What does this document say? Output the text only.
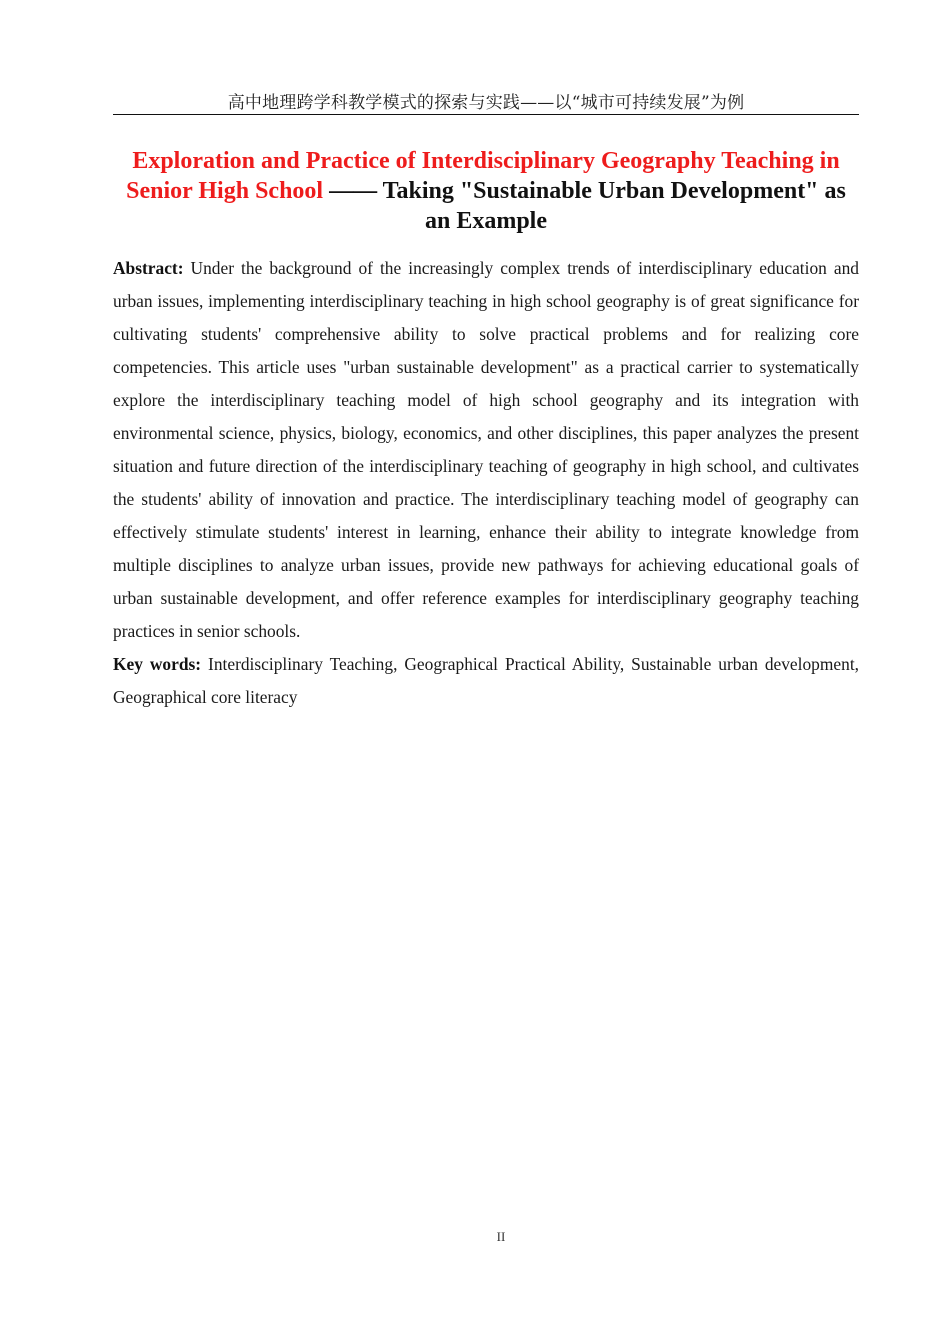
高中地理跨学科教学模式的探索与实践——以“城市可持续发展”为例
Exploration and Practice of Interdisciplinary Geography Teaching in Senior High School —— Taking "Sustainable Urban Development" as an Example

Abstract: Under the background of the increasingly complex trends of interdisciplinary education and urban issues, implementing interdisciplinary teaching in high school geography is of great significance for cultivating students' comprehensive ability to solve practical problems and for realizing core competencies. This article uses "urban sustainable development" as a practical carrier to systematically explore the interdisciplinary teaching model of high school geography and its integration with environmental science, physics, biology, economics, and other disciplines, this paper analyzes the present situation and future direction of the interdisciplinary teaching of geography in high school, and cultivates the students' ability of innovation and practice. The interdisciplinary teaching model of geography can effectively stimulate students' interest in learning, enhance their ability to integrate knowledge from multiple disciplines to analyze urban issues, provide new pathways for achieving educational goals of urban sustainable development, and offer reference examples for interdisciplinary geography teaching practices in senior schools.

Key words: Interdisciplinary Teaching, Geographical Practical Ability, Sustainable urban development, Geographical core literacy

II
